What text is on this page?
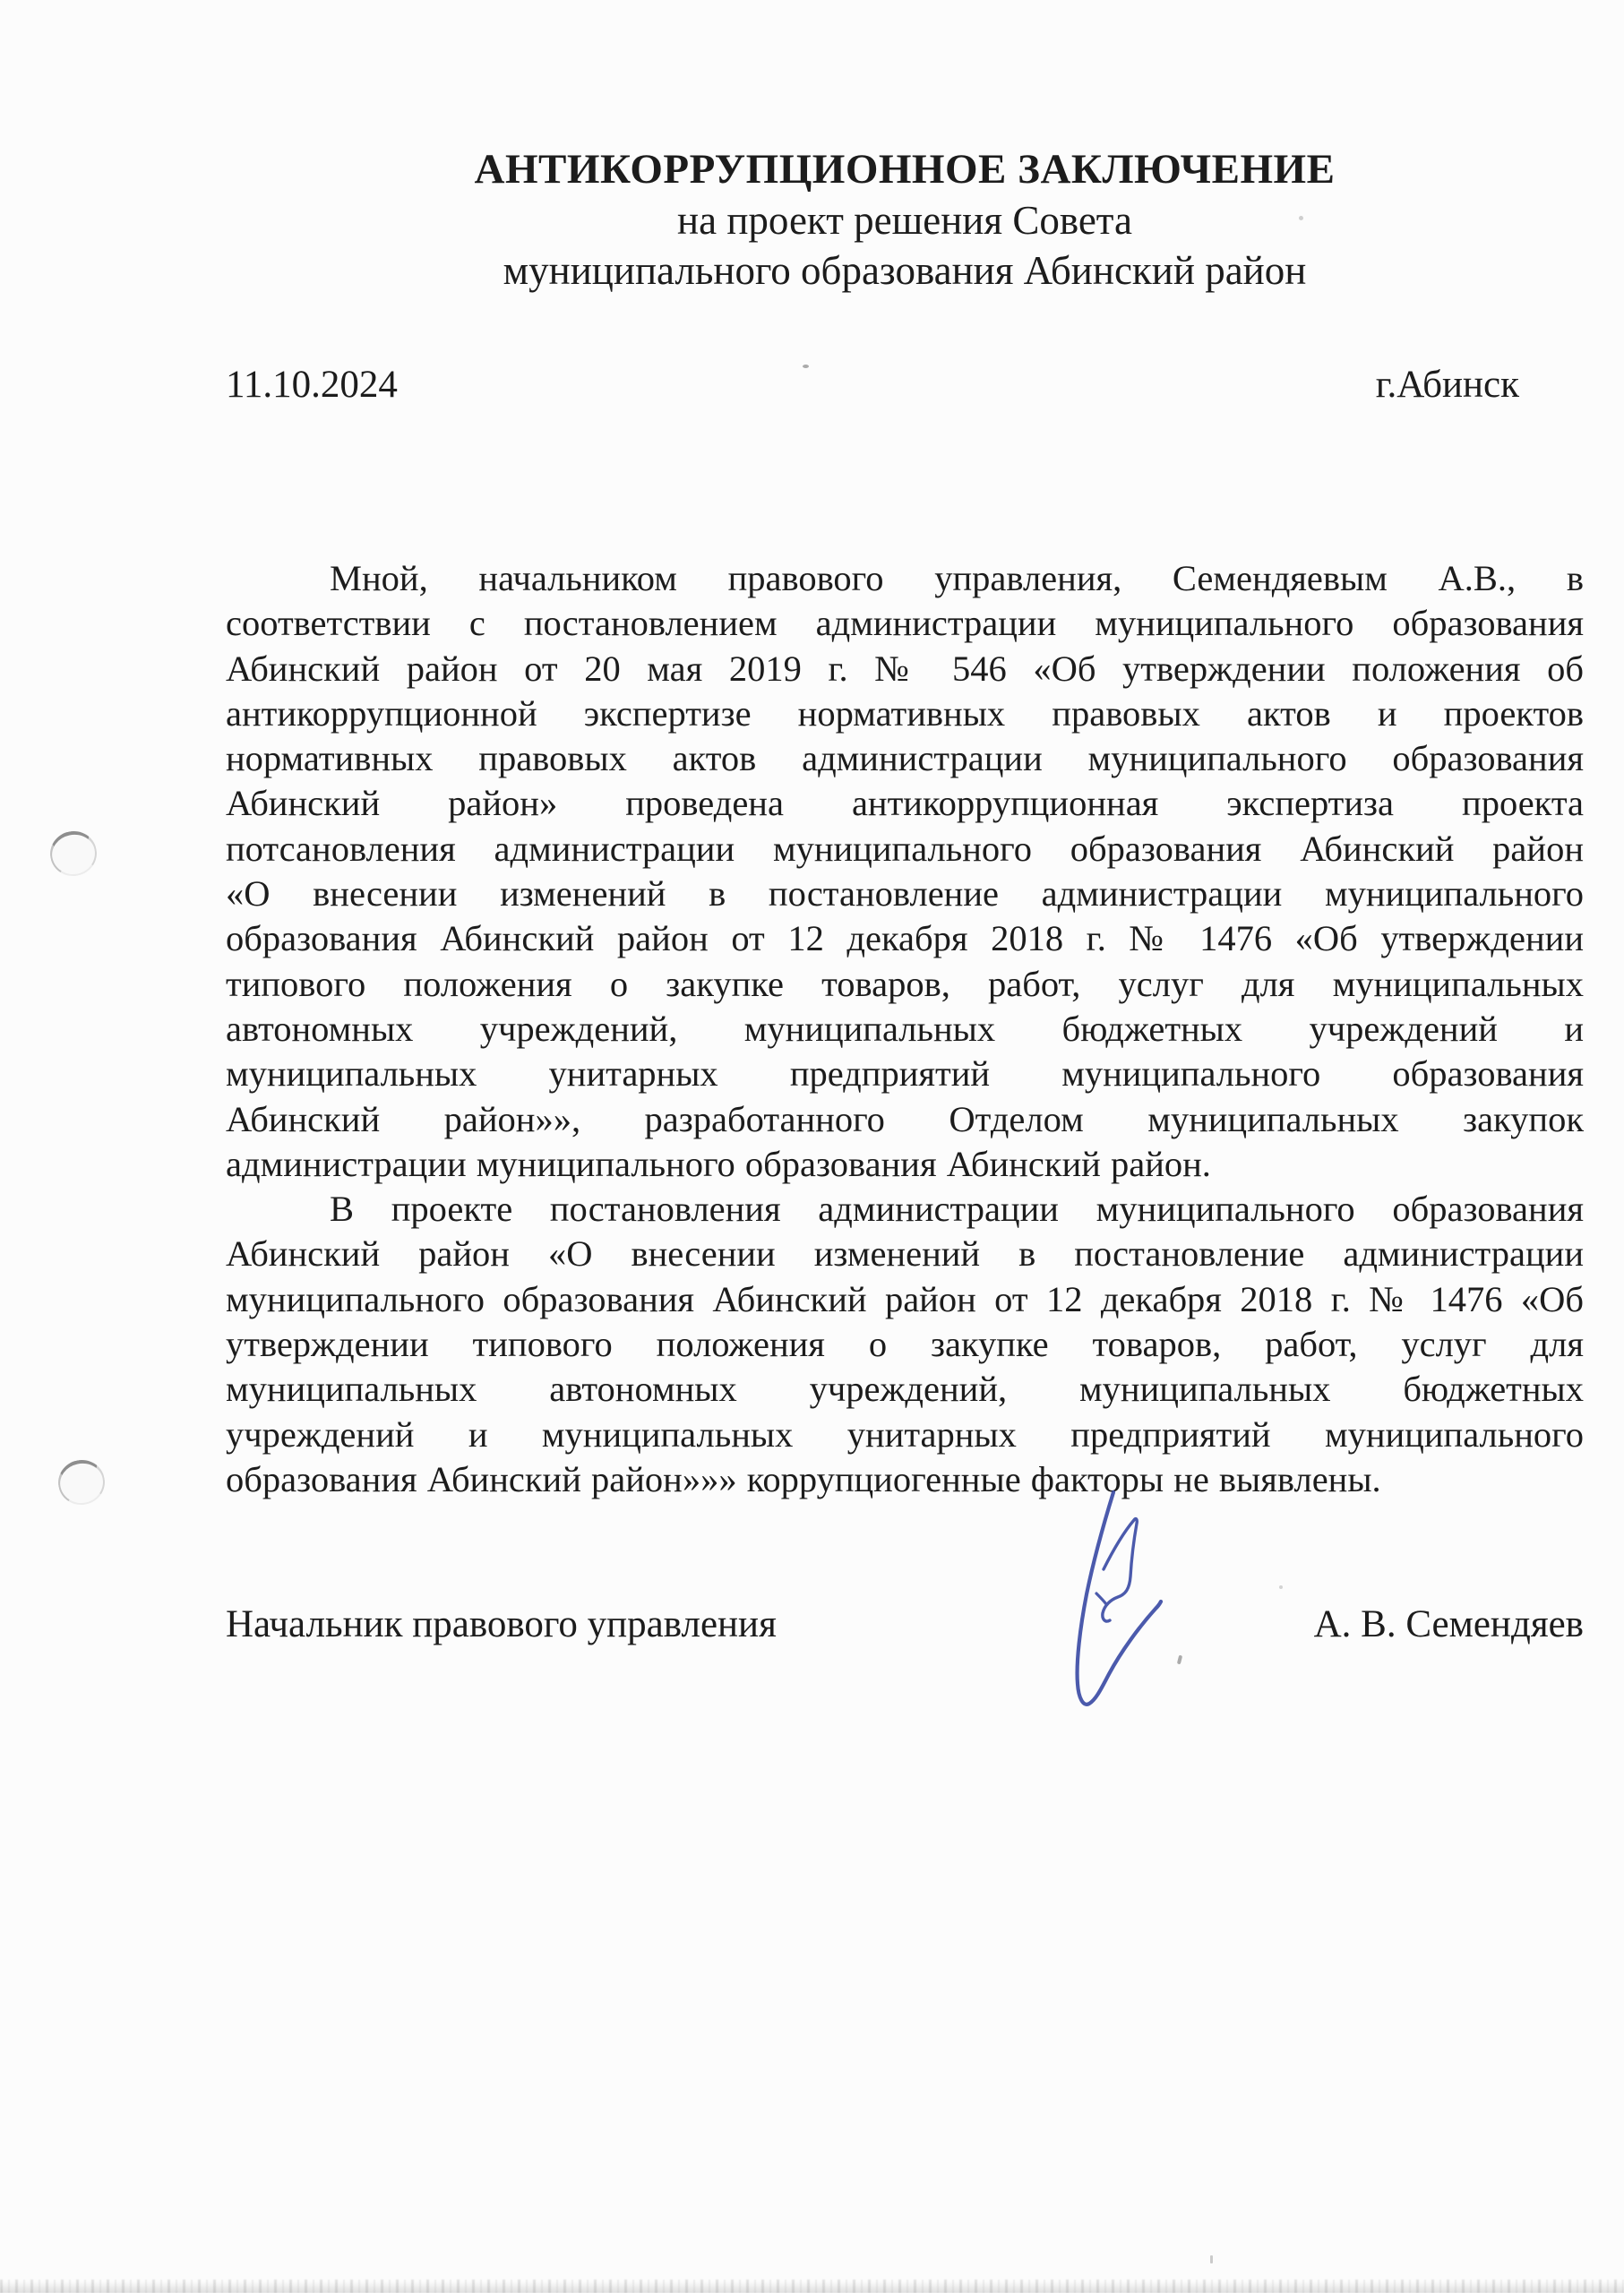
АНТИКОРРУПЦИОННОЕ ЗАКЛЮЧЕНИЕ
на проект решения Совета
муниципального образования Абинский район
11.10.2024	г.Абинск
Мной, начальником правового управления, Семендяевым А.В., в
соответствии с постановлением администрации муниципального образования
Абинский район от 20 мая 2019 г. № 546 «Об утверждении положения об
антикоррупционной экспертизе нормативных правовых актов и проектов
нормативных правовых актов администрации муниципального образования
Абинский район» проведена антикоррупционная экспертиза проекта
потсановления администрации муниципального образования Абинский район
«О внесении изменений в постановление администрации муниципального
образования Абинский район от 12 декабря 2018 г. № 1476 «Об утверждении
типового положения о закупке товаров, работ, услуг для муниципальных
автономных учреждений, муниципальных бюджетных учреждений и
муниципальных унитарных предприятий муниципального образования
Абинский район»», разработанного Отделом муниципальных закупок
администрации муниципального образования Абинский район.
В проекте постановления администрации муниципального образования
Абинский район «О внесении изменений в постановление администрации
муниципального образования Абинский район от 12 декабря 2018 г. № 1476 «Об
утверждении типового положения о закупке товаров, работ, услуг для
муниципальных автономных учреждений, муниципальных бюджетных
учреждений и муниципальных унитарных предприятий муниципального
образования Абинский район»»» коррупциогенные факторы не выявлены.
Начальник правового управления	А. В. Семендяев
